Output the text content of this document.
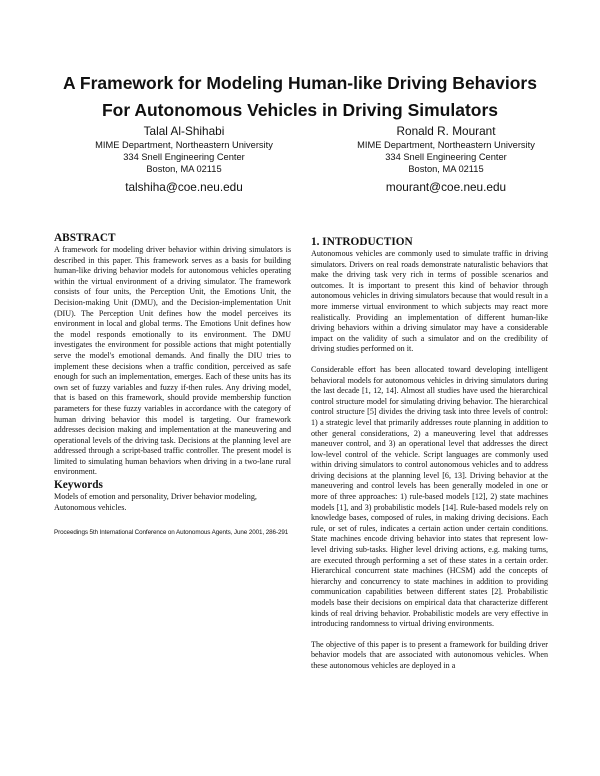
A Framework for Modeling Human-like Driving Behaviors
For Autonomous Vehicles in Driving Simulators
Talal Al-Shihabi
MIME Department, Northeastern University
334 Snell Engineering Center
Boston, MA 02115
talshiha@coe.neu.edu
Ronald R. Mourant
MIME Department, Northeastern University
334 Snell Engineering Center
Boston, MA 02115
mourant@coe.neu.edu
ABSTRACT

A framework for modeling driver behavior within driving simulators is described in this paper. This framework serves as a basis for building human-like driving behavior models for autonomous vehicles operating within the virtual environment of a driving simulator. The framework consists of four units, the Perception Unit, the Emotions Unit, the Decision-making Unit (DMU), and the Decision-implementation Unit (DIU). The Perception Unit defines how the model perceives its environment in local and global terms. The Emotions Unit defines how the model responds emotionally to its environment. The DMU investigates the environment for possible actions that might potentially serve the model's emotional demands. And finally the DIU tries to implement these decisions when a traffic condition, perceived as safe enough for such an implementation, emerges. Each of these units has its own set of fuzzy variables and fuzzy if-then rules. Any driving model, that is based on this framework, should provide membership function parameters for these fuzzy variables in accordance with the category of human driving behavior this model is targeting. Our framework addresses decision making and implementation at the maneuvering and operational levels of the driving task. Decisions at the planning level are addressed through a script-based traffic controller. The present model is limited to simulating human behaviors when driving in a two-lane rural environment.

Keywords

Models of emotion and personality, Driver behavior modeling, Autonomous vehicles.

Proceedings 5th International Conference on Autonomous Agents, June 2001, 286-291
1. INTRODUCTION

Autonomous vehicles are commonly used to simulate traffic in driving simulators. Drivers on real roads demonstrate naturalistic behaviors that make the driving task very rich in terms of possible scenarios and outcomes. It is important to present this kind of behavior through autonomous vehicles in driving simulators because that would result in a more immerse virtual environment to which subjects may react more realistically. Providing an implementation of different human-like driving behaviors within a driving simulator may have a considerable impact on the validity of such a simulator and on the credibility of driving studies performed on it.

Considerable effort has been allocated toward developing intelligent behavioral models for autonomous vehicles in driving simulators during the last decade [1, 12, 14]. Almost all studies have used the hierarchical control structure model for simulating driving behavior. The hierarchical control structure [5] divides the driving task into three levels of control: 1) a strategic level that primarily addresses route planning in addition to other general considerations, 2) a maneuvering level that addresses maneuver control, and 3) an operational level that addresses the direct low-level control of the vehicle. Script languages are commonly used within driving simulators to control autonomous vehicles and to address driving decisions at the planning level [6, 13]. Driving behavior at the maneuvering and control levels has been generally modeled in one or more of three approaches: 1) rule-based models [12], 2) state machines models [1], and 3) probabilistic models [14]. Rule-based models rely on knowledge bases, composed of rules, in making driving decisions. Each rule, or set of rules, indicates a certain action under certain conditions. State machines encode driving behavior into states that represent low-level driving sub-tasks. Higher level driving actions, e.g. making turns, are executed through performing a set of these states in a certain order. Hierarchical concurrent state machines (HCSM) add the concepts of hierarchy and concurrency to state machines in addition to providing communication capabilities between different states [2]. Probabilistic models base their decisions on empirical data that characterize different kinds of real driving behavior. Probabilistic models are very effective in introducing randomness to virtual driving environments.

The objective of this paper is to present a framework for building driver behavior models that are associated with autonomous vehicles. When these autonomous vehicles are deployed in a
